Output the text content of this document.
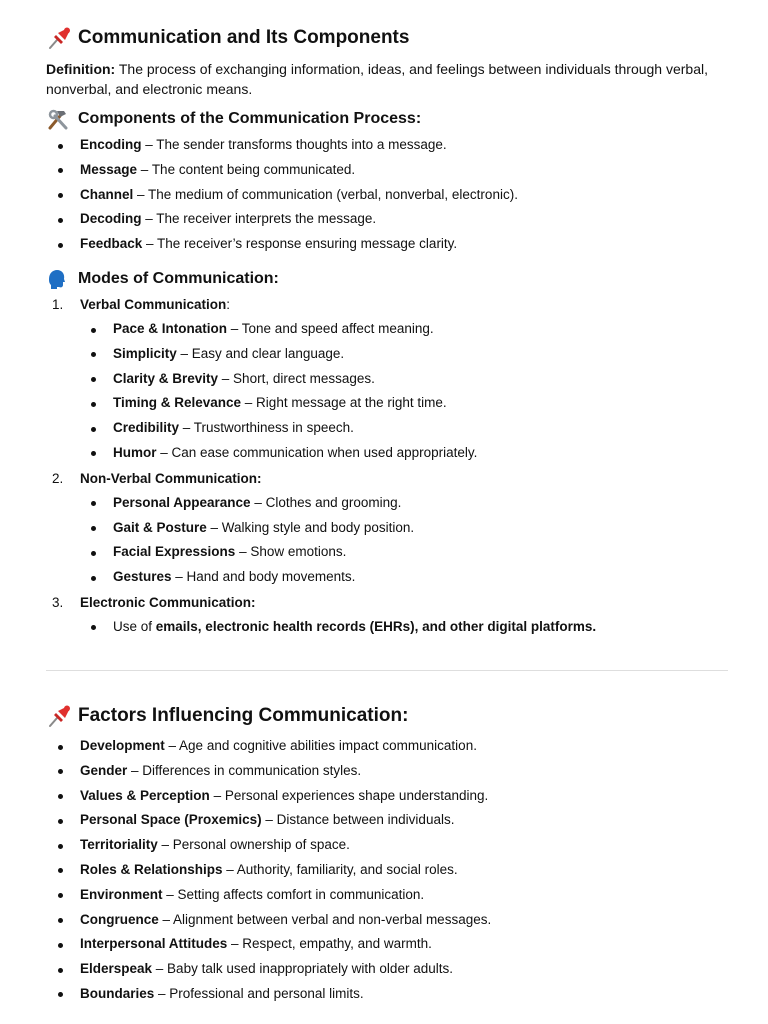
Communication and Its Components

Definition: The process of exchanging information, ideas, and feelings between individuals through verbal, nonverbal, and electronic means.

Components of the Communication Process:
Encoding – The sender transforms thoughts into a message.
Message – The content being communicated.
Channel – The medium of communication (verbal, nonverbal, electronic).
Decoding – The receiver interprets the message.
Feedback – The receiver’s response ensuring message clarity.
Modes of Communication:
1. Verbal Communication:
Pace & Intonation – Tone and speed affect meaning.
Simplicity – Easy and clear language.
Clarity & Brevity – Short, direct messages.
Timing & Relevance – Right message at the right time.
Credibility – Trustworthiness in speech.
Humor – Can ease communication when used appropriately.
2. Non-Verbal Communication:
Personal Appearance – Clothes and grooming.
Gait & Posture – Walking style and body position.
Facial Expressions – Show emotions.
Gestures – Hand and body movements.
3. Electronic Communication:
Use of emails, electronic health records (EHRs), and other digital platforms.
Factors Influencing Communication:
Development – Age and cognitive abilities impact communication.
Gender – Differences in communication styles.
Values & Perception – Personal experiences shape understanding.
Personal Space (Proxemics) – Distance between individuals.
Territoriality – Personal ownership of space.
Roles & Relationships – Authority, familiarity, and social roles.
Environment – Setting affects comfort in communication.
Congruence – Alignment between verbal and non-verbal messages.
Interpersonal Attitudes – Respect, empathy, and warmth.
Elderspeak – Baby talk used inappropriately with older adults.
Boundaries – Professional and personal limits.
